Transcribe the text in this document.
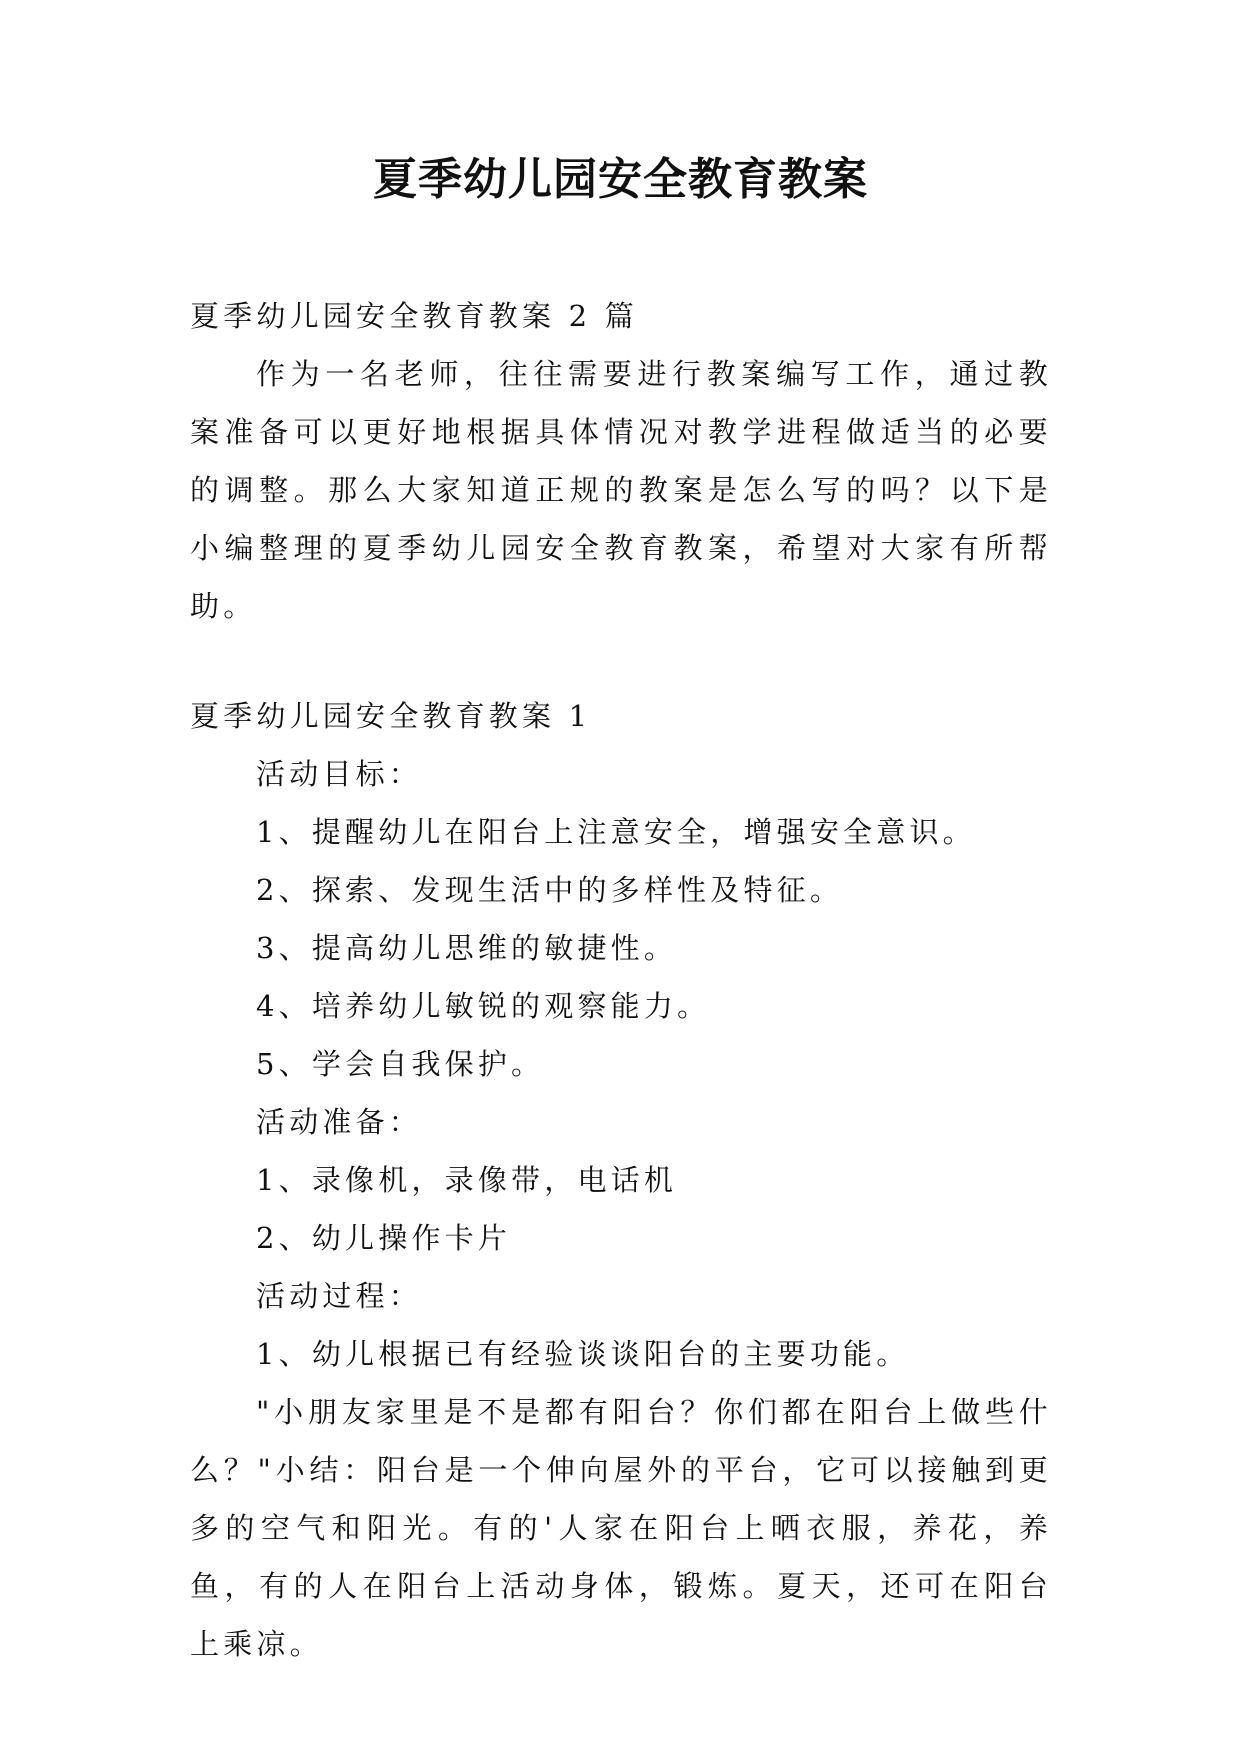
夏季幼儿园安全教育教案
夏季幼儿园安全教育教案 2 篇
作为一名老师，往往需要进行教案编写工作，通过教案准备可以更好地根据具体情况对教学进程做适当的必要的调整。那么大家知道正规的教案是怎么写的吗？以下是小编整理的夏季幼儿园安全教育教案，希望对大家有所帮助。
夏季幼儿园安全教育教案 1
活动目标：
1、提醒幼儿在阳台上注意安全，增强安全意识。
2、探索、发现生活中的多样性及特征。
3、提高幼儿思维的敏捷性。
4、培养幼儿敏锐的观察能力。
5、学会自我保护。
活动准备：
1、录像机，录像带，电话机
2、幼儿操作卡片
活动过程：
1、幼儿根据已有经验谈谈阳台的主要功能。
"小朋友家里是不是都有阳台？你们都在阳台上做些什么？"小结：阳台是一个伸向屋外的平台，它可以接触到更多的空气和阳光。有的'人家在阳台上晒衣服，养花，养鱼，有的人在阳台上活动身体，锻炼。夏天，还可在阳台上乘凉。
